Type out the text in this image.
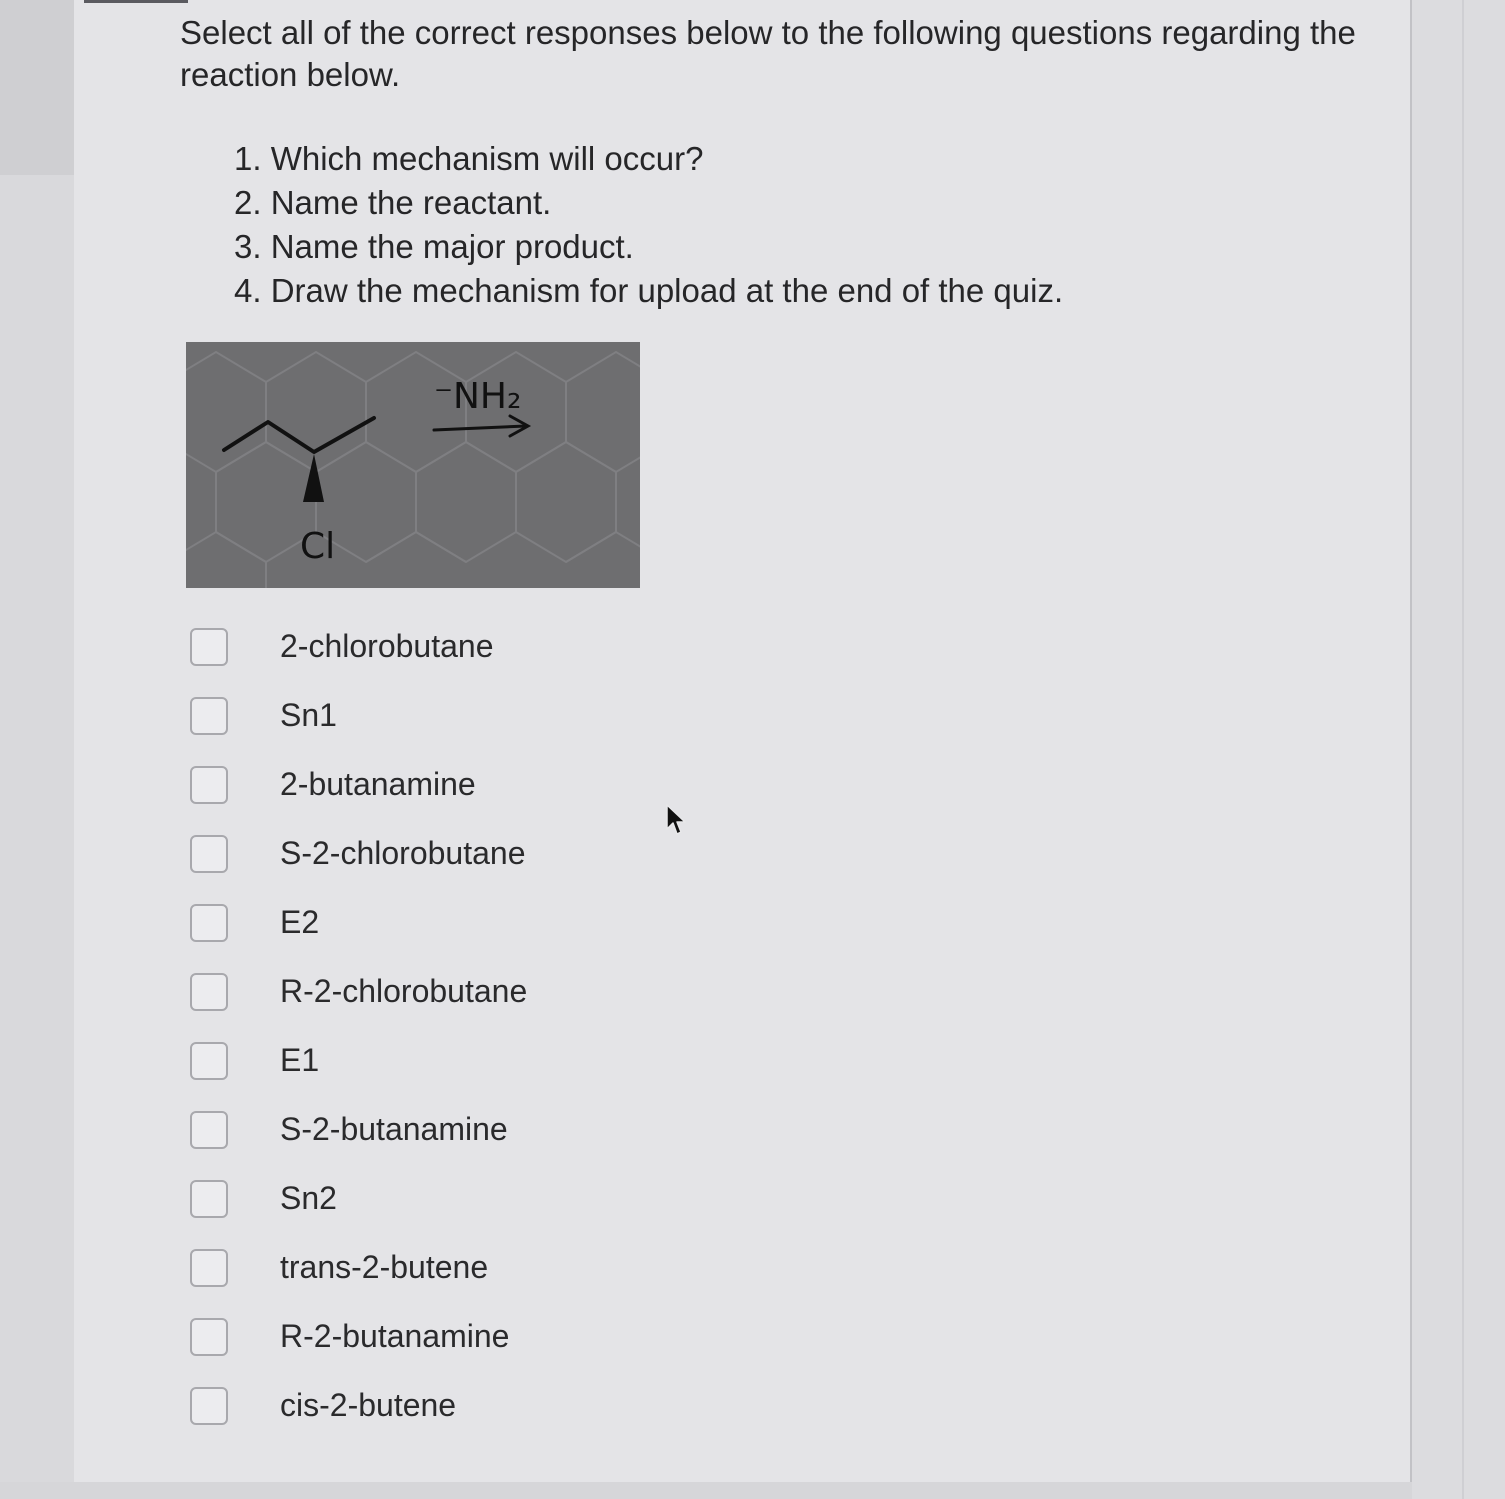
Select all of the correct responses below to the following questions regarding the reaction below.

1. Which mechanism will occur?
2. Name the reactant.
3. Name the major product.
4. Draw the mechanism for upload at the end of the quiz.
Cl
⁻NH₂
2-chlorobutane
Sn1
2-butanamine
S-2-chlorobutane
E2
R-2-chlorobutane
E1
S-2-butanamine
Sn2
trans-2-butene
R-2-butanamine
cis-2-butene
